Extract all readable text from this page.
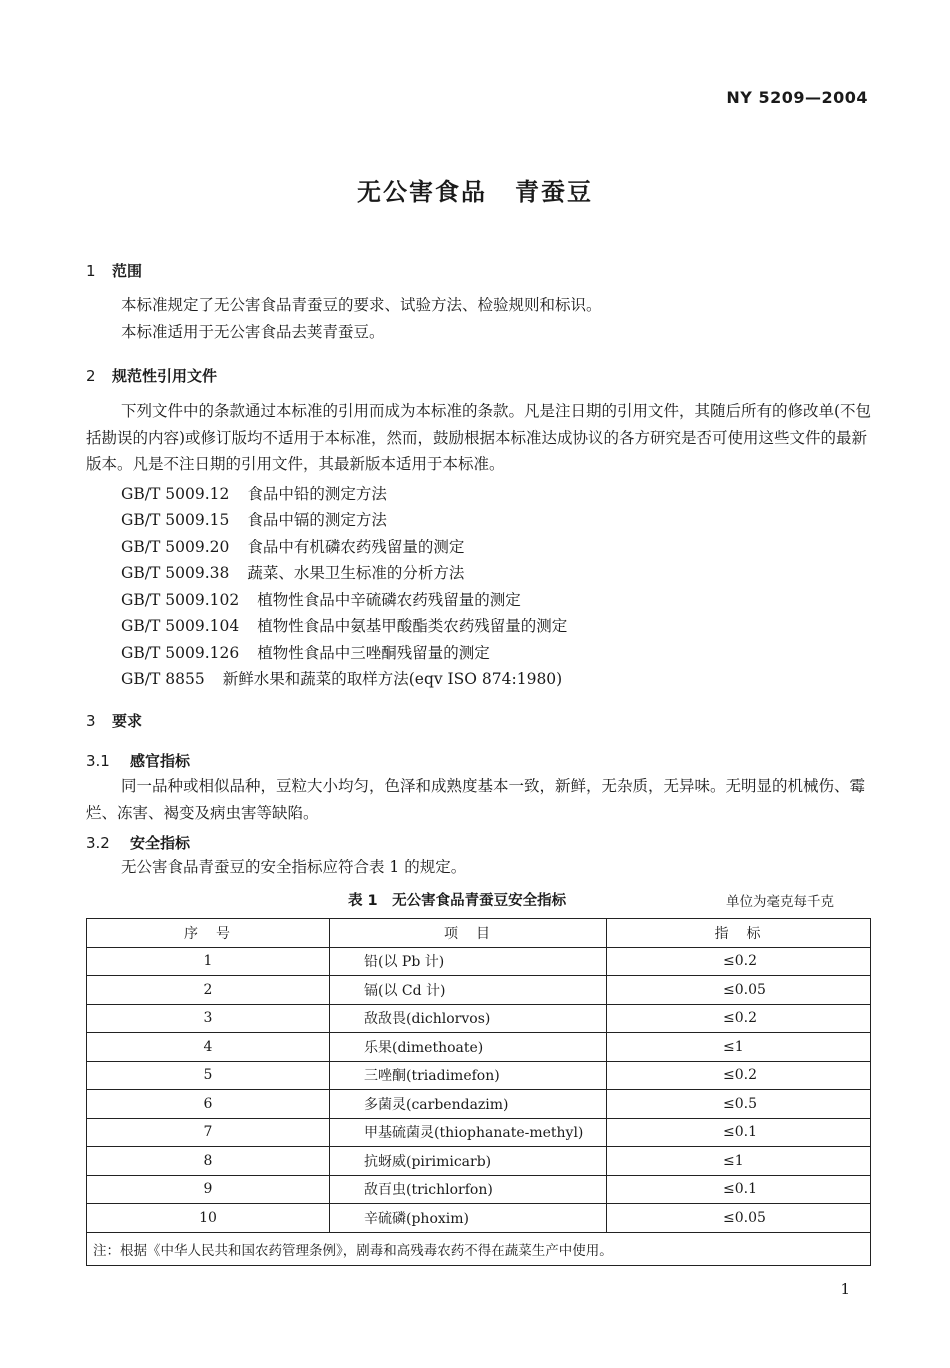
NY 5209—2004
无公害食品 青蚕豆
1 范围
本标准规定了无公害食品青蚕豆的要求、试验方法、检验规则和标识。
本标准适用于无公害食品去荚青蚕豆。
2 规范性引用文件
下列文件中的条款通过本标准的引用而成为本标准的条款。凡是注日期的引用文件，其随后所有的修改单(不包括勘误的内容)或修订版均不适用于本标准，然而，鼓励根据本标准达成协议的各方研究是否可使用这些文件的最新版本。凡是不注日期的引用文件，其最新版本适用于本标准。
GB/T 5009.12 食品中铅的测定方法
GB/T 5009.15 食品中镉的测定方法
GB/T 5009.20 食品中有机磷农药残留量的测定
GB/T 5009.38 蔬菜、水果卫生标准的分析方法
GB/T 5009.102 植物性食品中辛硫磷农药残留量的测定
GB/T 5009.104 植物性食品中氨基甲酸酯类农药残留量的测定
GB/T 5009.126 植物性食品中三唑酮残留量的测定
GB/T 8855 新鲜水果和蔬菜的取样方法(eqv ISO 874:1980)
3 要求
3.1 感官指标
同一品种或相似品种，豆粒大小均匀，色泽和成熟度基本一致，新鲜，无杂质，无异味。无明显的机械伤、霉烂、冻害、褐变及病虫害等缺陷。
3.2 安全指标
无公害食品青蚕豆的安全指标应符合表 1 的规定。
表 1　无公害食品青蚕豆安全指标	单位为毫克每千克
序　号	项　目	指　标
1	铅(以 Pb 计)	≤0.2
2	镉(以 Cd 计)	≤0.05
3	敌敌畏(dichlorvos)	≤0.2
4	乐果(dimethoate)	≤1
5	三唑酮(triadimefon)	≤0.2
6	多菌灵(carbendazim)	≤0.5
7	甲基硫菌灵(thiophanate-methyl)	≤0.1
8	抗蚜威(pirimicarb)	≤1
9	敌百虫(trichlorfon)	≤0.1
10	辛硫磷(phoxim)	≤0.05
注：根据《中华人民共和国农药管理条例》，剧毒和高残毒农药不得在蔬菜生产中使用。		
1
